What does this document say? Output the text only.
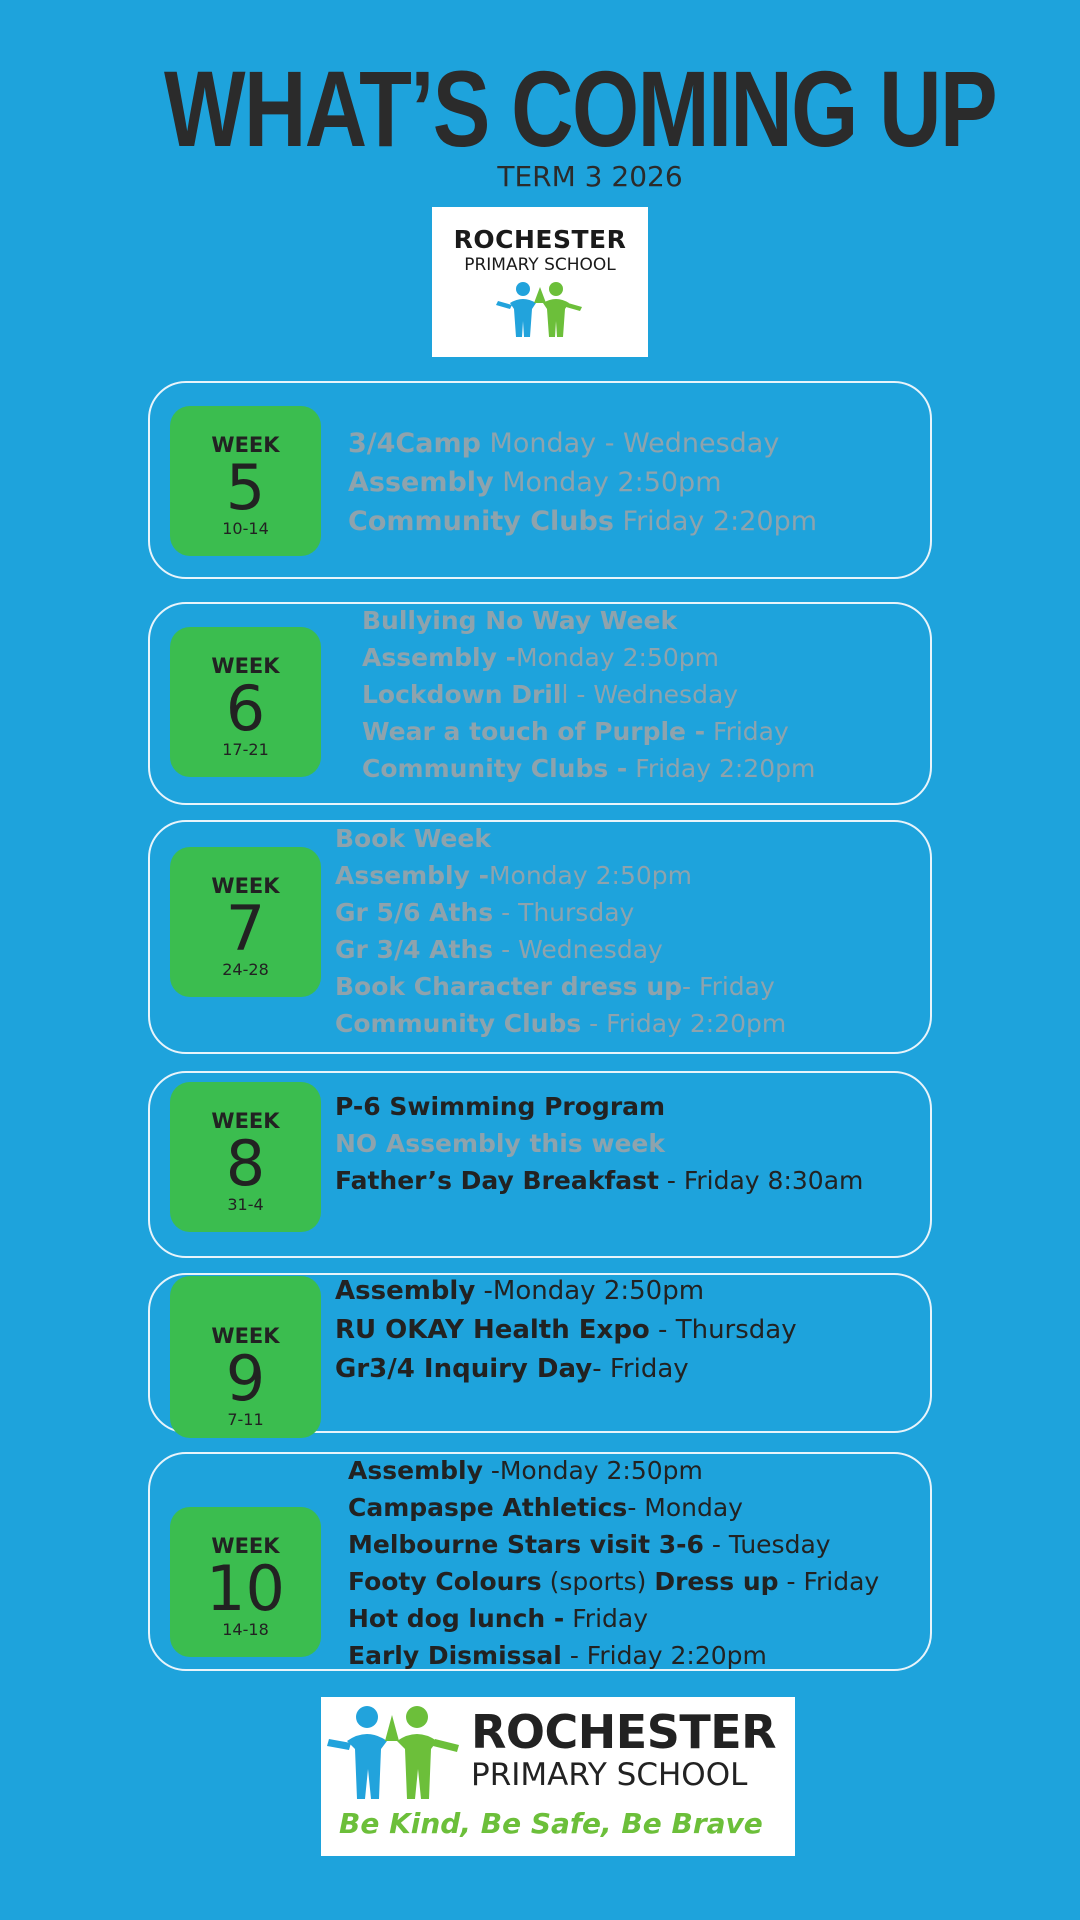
WHAT’S COMING UP
TERM 3 2026
ROCHESTER
PRIMARY SCHOOL
WEEK
5
10-14
3/4Camp Monday - Wednesday
Assembly Monday 2:50pm
Community Clubs Friday 2:20pm
WEEK
6
17-21
Bullying No Way Week
Assembly -Monday 2:50pm
Lockdown Drill - Wednesday
Wear a touch of Purple - Friday
Community Clubs - Friday 2:20pm
WEEK
7
24-28
Book Week
Assembly -Monday 2:50pm
Gr 5/6 Aths - Thursday
Gr 3/4 Aths - Wednesday
Book Character dress up- Friday
Community Clubs - Friday 2:20pm
WEEK
8
31-4
P-6 Swimming Program
NO Assembly this week
Father’s Day Breakfast - Friday 8:30am
WEEK
9
7-11
Assembly -Monday 2:50pm
RU OKAY Health Expo - Thursday
Gr3/4 Inquiry Day- Friday
WEEK
10
14-18
Assembly -Monday 2:50pm
Campaspe Athletics- Monday
Melbourne Stars visit 3-6 - Tuesday
Footy Colours (sports) Dress up - Friday
Hot dog lunch - Friday
Early Dismissal - Friday 2:20pm
ROCHESTER
PRIMARY SCHOOL
Be Kind, Be Safe, Be Brave
